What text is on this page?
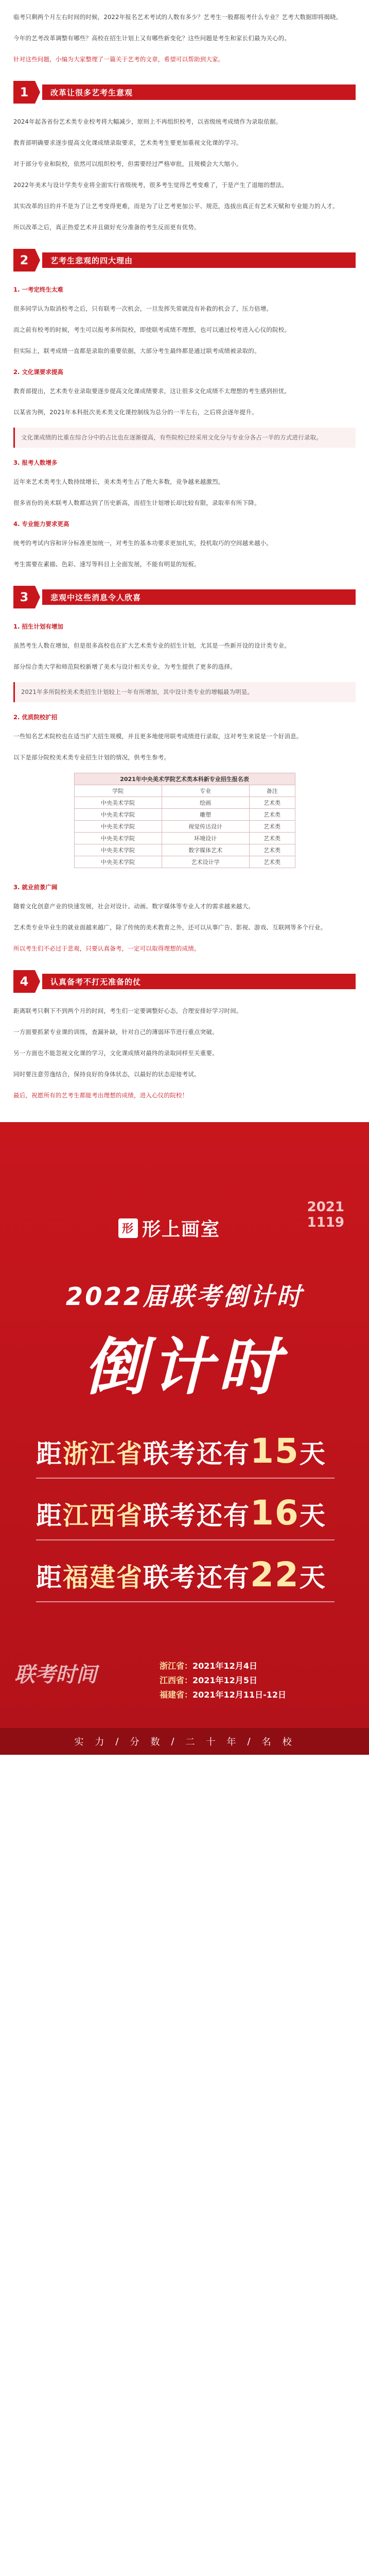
临考只剩两个月左右时间的时候，2022年报名艺术考试的人数有多少？艺考生一般都报考什么专业？艺考大数据即将揭晓。

今年的艺考改革调整有哪些？高校在招生计划上又有哪些新变化？这些问题是考生和家长们最为关心的。

针对这些问题，小编为大家整理了一篇关于艺考的文章，希望可以帮助到大家。

1	改革让很多艺考生意观

2024年起各省份艺术类专业校考将大幅减少，原则上不再组织校考，以省级统考成绩作为录取依据。

教育部明确要求逐步提高文化课成绩录取要求，艺术类考生要更加重视文化课的学习。

对于部分专业和院校，依然可以组织校考，但需要经过严格审批，且规模会大大缩小。

2022年美术与设计学类专业将全面实行省级统考，很多考生觉得艺考变难了，于是产生了退缩的想法。

其实改革的目的并不是为了让艺考变得更难，而是为了让艺考更加公平、规范，选拔出真正有艺术天赋和专业能力的人才。

所以改革之后，真正热爱艺术并且做好充分准备的考生反而更有优势。

2	艺考生悲观的四大理由
1. 一考定终生太难

很多同学认为取消校考之后，只有联考一次机会，一旦发挥失常就没有补救的机会了，压力倍增。

而之前有校考的时候，考生可以报考多所院校，即使联考成绩不理想，也可以通过校考进入心仪的院校。

但实际上，联考成绩一直都是录取的重要依据，大部分考生最终都是通过联考成绩被录取的。

2. 文化课要求提高

教育部提出，艺术类专业录取要逐步提高文化课成绩要求，这让很多文化成绩不太理想的考生感到担忧。

以某省为例，2021年本科批次美术类文化课控制线为总分的一半左右，之后将会逐年提升。

文化课成绩的比重在综合分中的占比也在逐渐提高，有些院校已经采用文化分与专业分各占一半的方式进行录取。

3. 报考人数增多

近年来艺术类考生人数持续增长，美术类考生占了绝大多数，竞争越来越激烈。

很多省份的美术联考人数都达到了历史新高，而招生计划增长却比较有限，录取率有所下降。

4. 专业能力要求更高

统考的考试内容和评分标准更加统一，对考生的基本功要求更加扎实，投机取巧的空间越来越小。

考生需要在素描、色彩、速写等科目上全面发展，不能有明显的短板。

3	悲观中这些消息令人欣喜
1. 招生计划有增加

虽然考生人数在增加，但是很多高校也在扩大艺术类专业的招生计划，尤其是一些新开设的设计类专业。

部分综合类大学和师范院校新增了美术与设计相关专业，为考生提供了更多的选择。

2021年多所院校美术类招生计划较上一年有所增加，其中设计类专业的增幅最为明显。

2. 优质院校扩招

一些知名艺术院校也在适当扩大招生规模，并且更多地使用联考成绩进行录取，这对考生来说是一个好消息。

以下是部分院校美术类专业招生计划的情况，供考生参考。

2021年中央美术学院艺术类本科新专业招生报名表		
学院	专业	备注
中央美术学院	绘画	艺术类
中央美术学院	雕塑	艺术类
中央美术学院	视觉传达设计	艺术类
中央美术学院	环境设计	艺术类
中央美术学院	数字媒体艺术	艺术类
中央美术学院	艺术设计学	艺术类
3. 就业前景广阔

随着文化创意产业的快速发展，社会对设计、动画、数字媒体等专业人才的需求越来越大。

艺术类专业毕业生的就业面越来越广，除了传统的美术教育之外，还可以从事广告、影视、游戏、互联网等多个行业。

所以考生们不必过于悲观，只要认真备考，一定可以取得理想的成绩。

4	认真备考不打无准备的仗

距离联考只剩下不到两个月的时间，考生们一定要调整好心态，合理安排好学习时间。

一方面要抓紧专业课的训练，查漏补缺，针对自己的薄弱环节进行重点突破。

另一方面也不能忽视文化课的学习，文化课成绩对最终的录取同样至关重要。

同时要注意劳逸结合，保持良好的身体状态，以最好的状态迎接考试。

最后，祝愿所有的艺考生都能考出理想的成绩，进入心仪的院校！

形 形上画室
2021
1119
2022届联考倒计时
倒计时
距浙江省联考还有15天
距江西省联考还有16天
距福建省联考还有22天
联考时间	浙江省：2021年12月4日
江西省：2021年12月5日
福建省：2021年12月11日-12日
实 力 / 分 数 / 二 十 年 / 名 校
